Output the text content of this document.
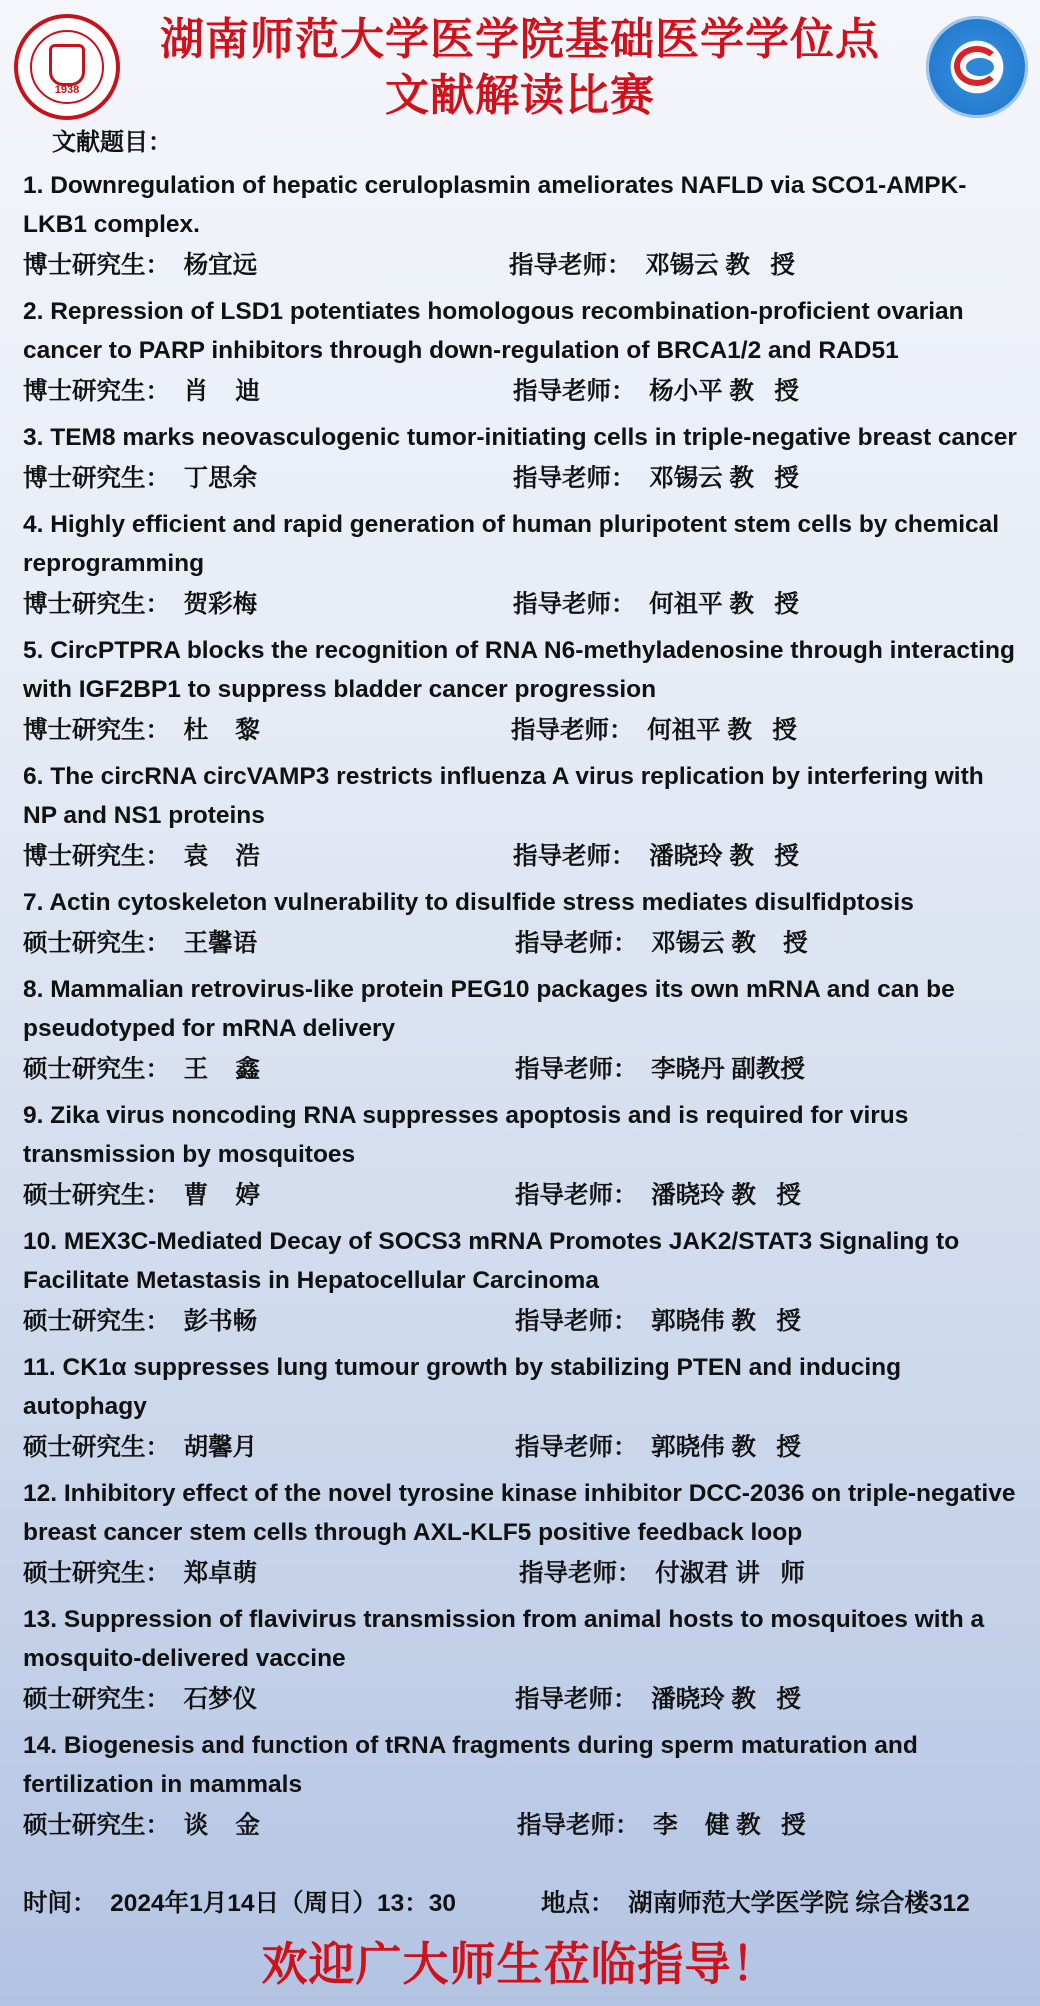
1938
湖南师范大学医学院基础医学学位点
文献解读比赛
文献题目：
1. Downregulation of hepatic ceruloplasmin ameliorates NAFLD via SCO1-AMPK-LKB1 complex.
博士研究生：  杨宜远	指导老师：  邓锡云 教   授
2. Repression of LSD1 potentiates homologous recombination-proficient ovarian cancer to PARP inhibitors through down-regulation of BRCA1/2 and RAD51
博士研究生：  肖    迪	指导老师：  杨小平 教   授
3. TEM8 marks neovasculogenic tumor-initiating cells in triple-negative breast cancer
博士研究生：  丁思余	指导老师：  邓锡云 教   授
4. Highly efficient and rapid generation of human pluripotent stem cells by chemical reprogramming
博士研究生：  贺彩梅	指导老师：  何祖平 教   授
5. CircPTPRA blocks the recognition of RNA N6-methyladenosine through interacting with IGF2BP1 to suppress bladder cancer progression
博士研究生：  杜    黎	指导老师：  何祖平 教   授
6. The circRNA circVAMP3 restricts influenza A virus replication by interfering with NP and NS1 proteins
博士研究生：  袁    浩	指导老师：  潘晓玲 教   授
7. Actin cytoskeleton vulnerability to disulfide stress mediates disulfidptosis
硕士研究生：  王馨语	指导老师：  邓锡云 教    授
8. Mammalian retrovirus-like protein PEG10 packages its own mRNA and can be pseudotyped for mRNA delivery
硕士研究生：  王    鑫	指导老师：  李晓丹 副教授
9. Zika virus noncoding RNA suppresses apoptosis and is required for virus transmission by mosquitoes
硕士研究生：  曹    婷	指导老师：  潘晓玲 教   授
10. MEX3C-Mediated Decay of SOCS3 mRNA Promotes JAK2/STAT3 Signaling to Facilitate Metastasis in Hepatocellular Carcinoma
硕士研究生：  彭书畅	指导老师：  郭晓伟 教   授
11. CK1α suppresses lung tumour growth by stabilizing PTEN and inducing autophagy
硕士研究生：  胡馨月	指导老师：  郭晓伟 教   授
12. Inhibitory effect of the novel tyrosine kinase inhibitor DCC-2036 on triple-negative breast cancer stem cells through AXL-KLF5 positive feedback loop
硕士研究生：  郑卓萌	指导老师：  付淑君 讲   师
13. Suppression of flavivirus transmission from animal hosts to mosquitoes with a mosquito-delivered vaccine
硕士研究生：  石梦仪	指导老师：  潘晓玲 教   授
14. Biogenesis and function of tRNA fragments during sperm maturation and fertilization in mammals
硕士研究生：  谈    金	指导老师：  李    健 教   授
时间：  2024年1月14日（周日）13：30	地点：  湖南师范大学医学院 综合楼312
欢迎广大师生莅临指导！
